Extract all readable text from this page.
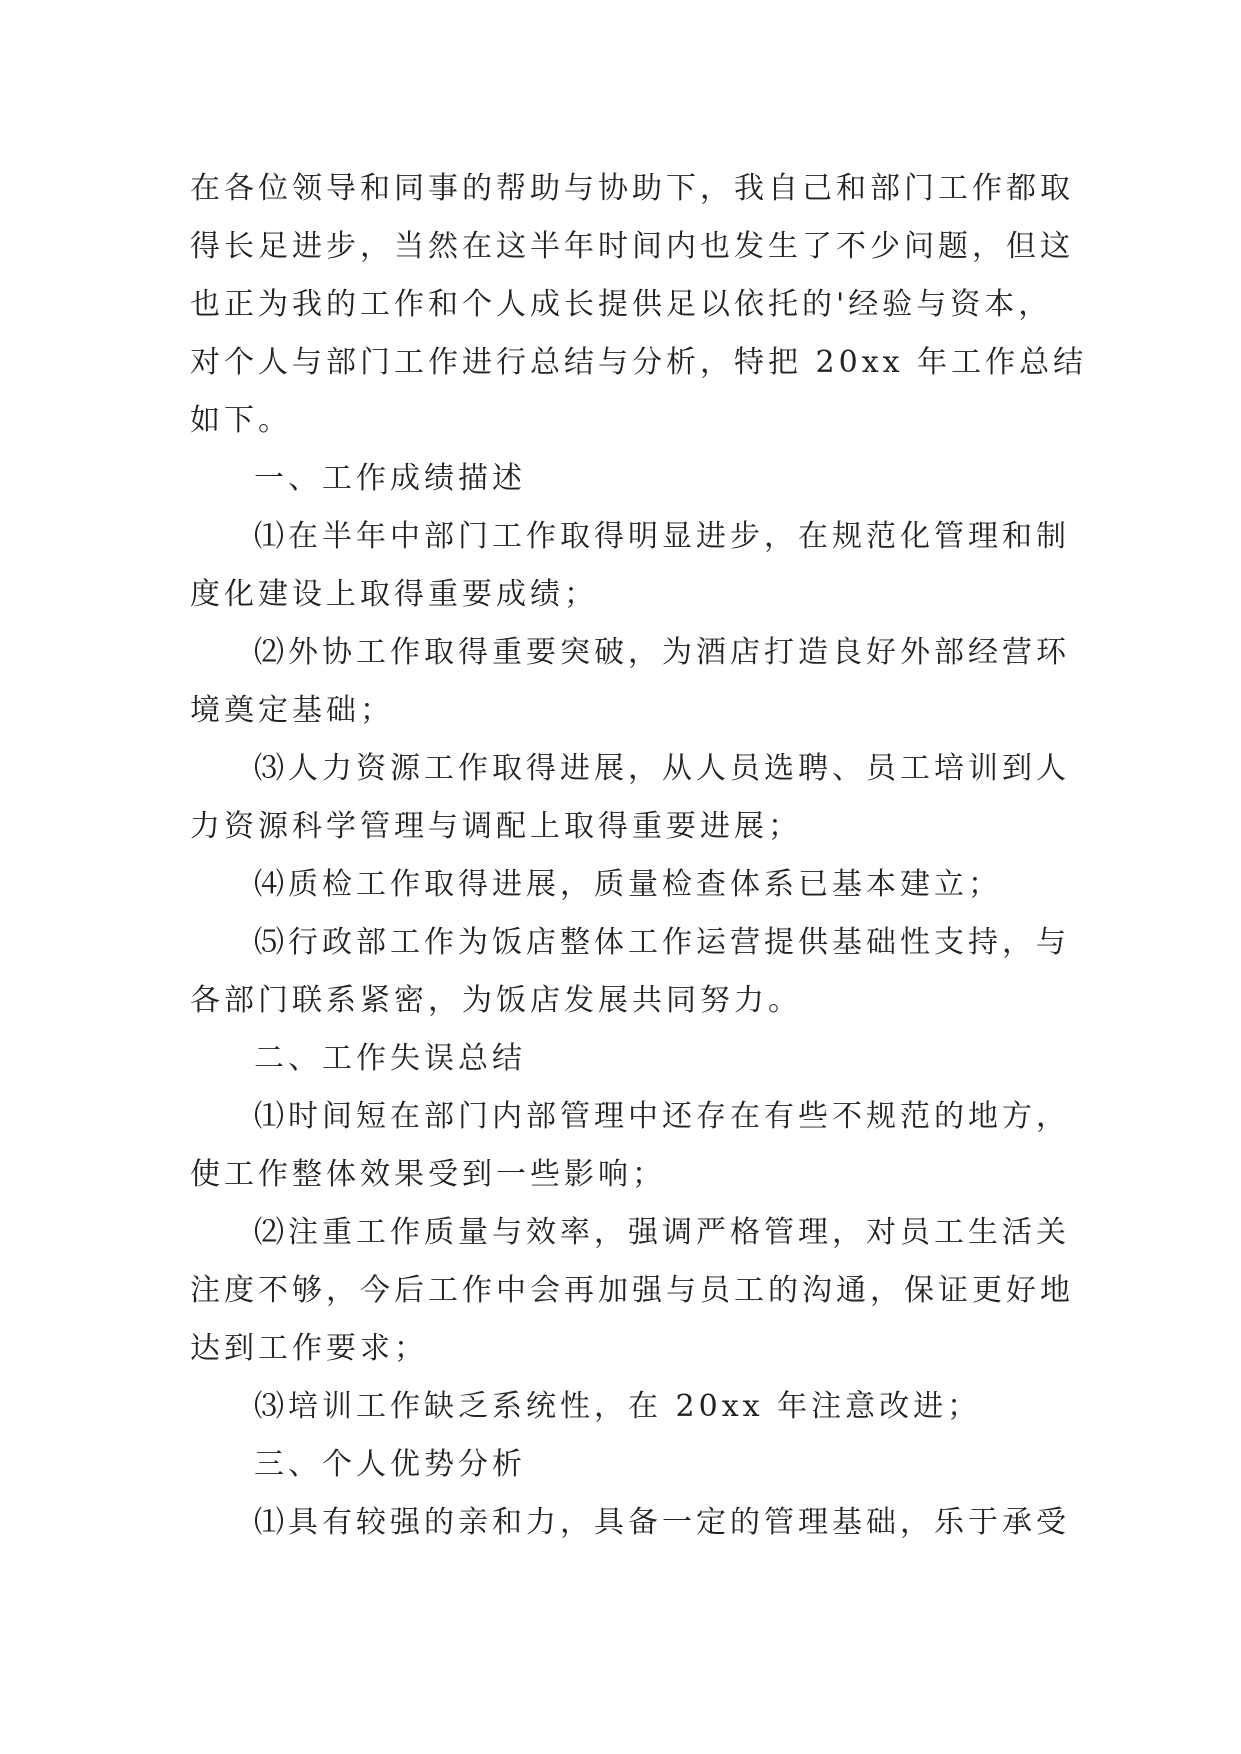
在各位领导和同事的帮助与协助下，我自己和部门工作都取
得长足进步，当然在这半年时间内也发生了不少问题，但这
也正为我的工作和个人成长提供足以依托的'经验与资本，
对个人与部门工作进行总结与分析，特把 20xx 年工作总结
如下。
一、工作成绩描述
⑴在半年中部门工作取得明显进步，在规范化管理和制
度化建设上取得重要成绩；
⑵外协工作取得重要突破，为酒店打造良好外部经营环
境奠定基础；
⑶人力资源工作取得进展，从人员选聘、员工培训到人
力资源科学管理与调配上取得重要进展；
⑷质检工作取得进展，质量检查体系已基本建立；
⑸行政部工作为饭店整体工作运营提供基础性支持，与
各部门联系紧密，为饭店发展共同努力。
二、工作失误总结
⑴时间短在部门内部管理中还存在有些不规范的地方，
使工作整体效果受到一些影响；
⑵注重工作质量与效率，强调严格管理，对员工生活关
注度不够，今后工作中会再加强与员工的沟通，保证更好地
达到工作要求；
⑶培训工作缺乏系统性，在 20xx 年注意改进；
三、个人优势分析
⑴具有较强的亲和力，具备一定的管理基础，乐于承受
